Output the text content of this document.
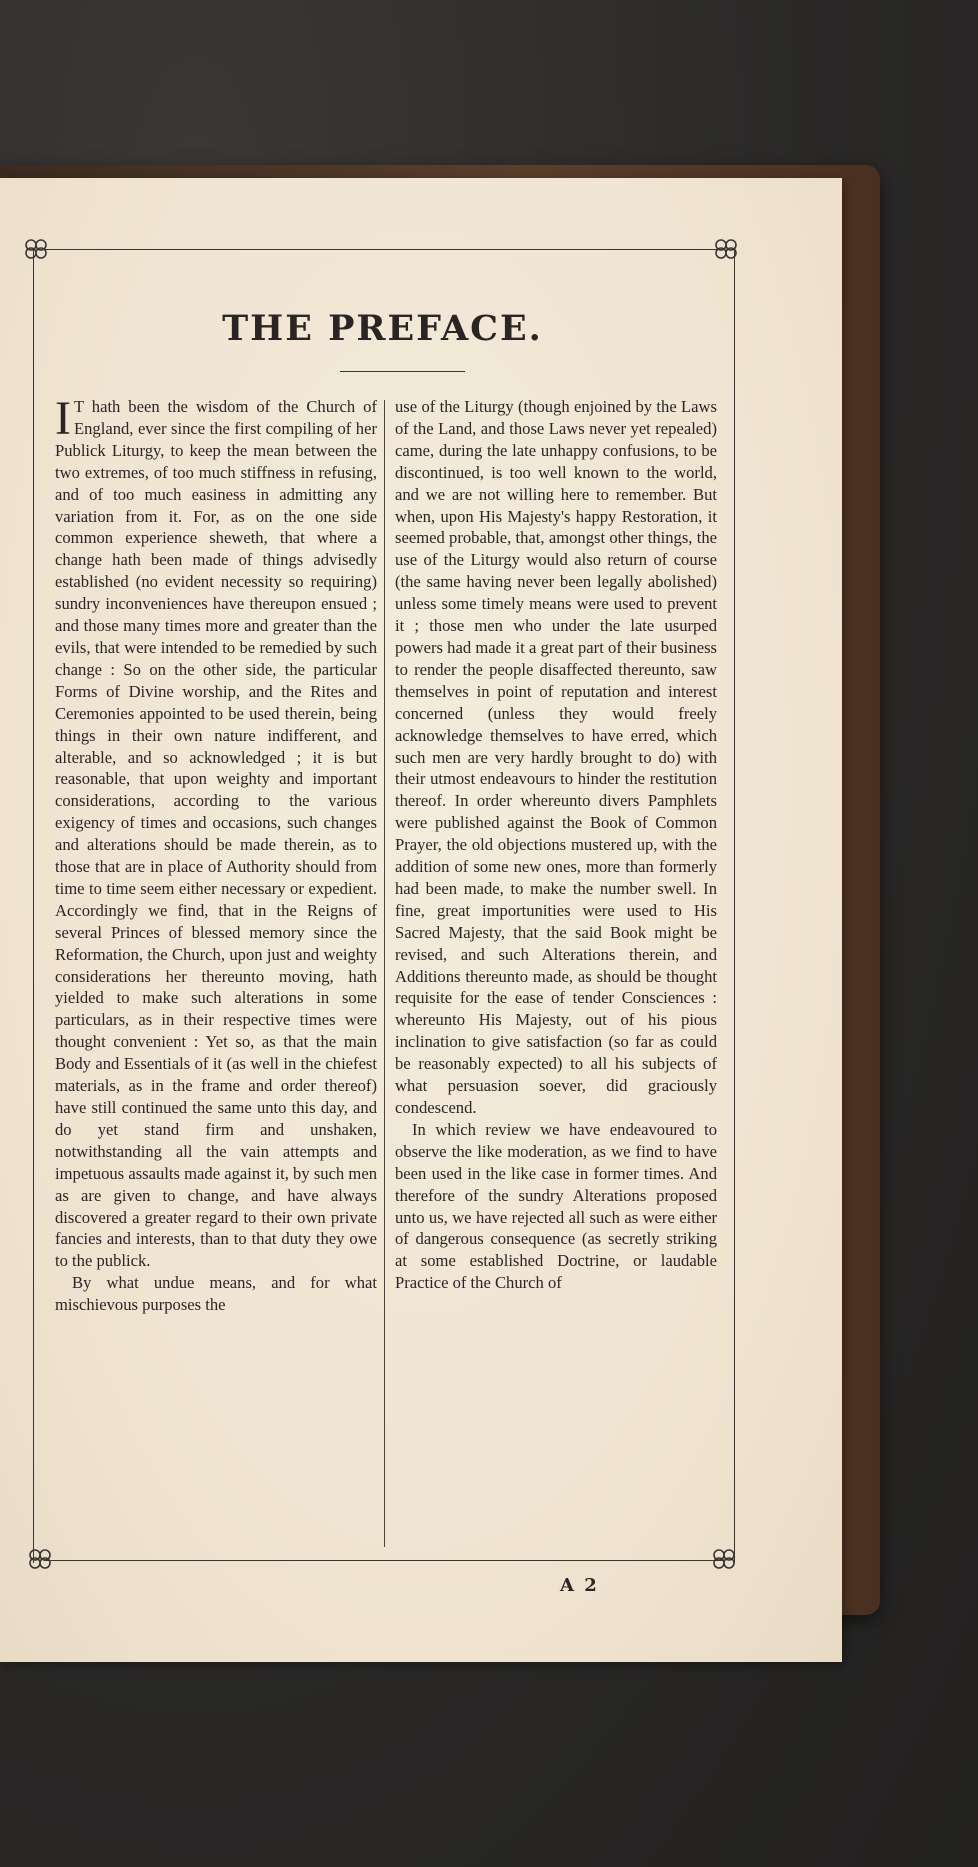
THE PREFACE.

I T hath been the wisdom of the Church of England, ever since the first compiling of her Publick Liturgy, to keep the mean between the two extremes, of too much stiffness in refusing, and of too much easiness in admitting any variation from it. For, as on the one side common experience sheweth, that where a change hath been made of things advisedly established (no evident necessity so requiring) sundry inconveniences have thereupon ensued ; and those many times more and greater than the evils, that were intended to be remedied by such change : So on the other side, the particular Forms of Divine worship, and the Rites and Ceremonies appointed to be used therein, being things in their own nature indifferent, and alterable, and so acknowledged ; it is but reasonable, that upon weighty and important considerations, according to the various exigency of times and occasions, such changes and alterations should be made therein, as to those that are in place of Authority should from time to time seem either necessary or expedient. Accordingly we find, that in the Reigns of several Princes of blessed memory since the Reformation, the Church, upon just and weighty considerations her thereunto moving, hath yielded to make such alterations in some particulars, as in their respective times were thought convenient : Yet so, as that the main Body and Essentials of it (as well in the chiefest materials, as in the frame and order thereof) have still continued the same unto this day, and do yet stand firm and unshaken, notwithstanding all the vain attempts and impetuous assaults made against it, by such men as are given to change, and have always discovered a greater regard to their own private fancies and interests, than to that duty they owe to the publick.

By what undue means, and for what mischievous purposes the

use of the Liturgy (though enjoined by the Laws of the Land, and those Laws never yet repealed) came, during the late unhappy confusions, to be discontinued, is too well known to the world, and we are not willing here to remember. But when, upon His Majesty's happy Restoration, it seemed probable, that, amongst other things, the use of the Liturgy would also return of course (the same having never been legally abolished) unless some timely means were used to prevent it ; those men who under the late usurped powers had made it a great part of their business to render the people disaffected thereunto, saw themselves in point of reputation and interest concerned (unless they would freely acknowledge themselves to have erred, which such men are very hardly brought to do) with their utmost endeavours to hinder the restitution thereof. In order whereunto divers Pamphlets were published against the Book of Common Prayer, the old objections mustered up, with the addition of some new ones, more than formerly had been made, to make the number swell. In fine, great importunities were used to His Sacred Majesty, that the said Book might be revised, and such Alterations therein, and Additions thereunto made, as should be thought requisite for the ease of tender Consciences : whereunto His Majesty, out of his pious inclination to give satisfaction (so far as could be reasonably expected) to all his subjects of what persuasion soever, did graciously condescend.

In which review we have endeavoured to observe the like moderation, as we find to have been used in the like case in former times. And therefore of the sundry Alterations proposed unto us, we have rejected all such as were either of dangerous consequence (as secretly striking at some established Doctrine, or laudable Practice of the Church of

A 2
